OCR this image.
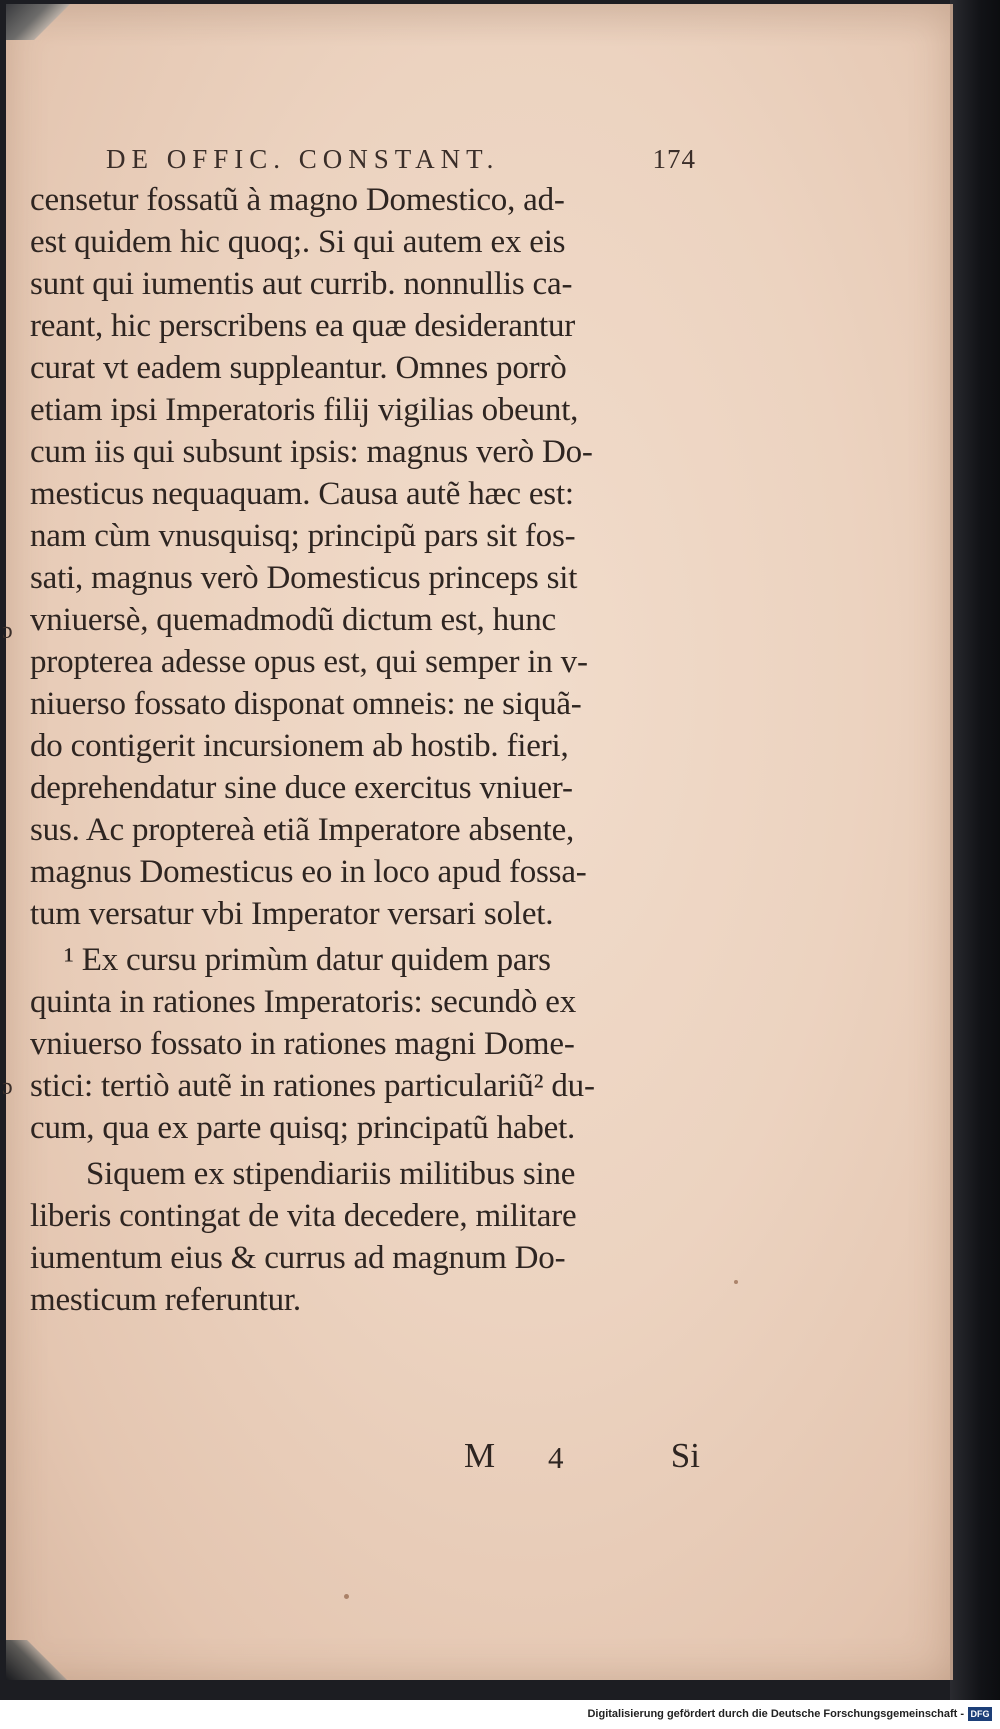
DE OFFIC. CONSTANT.	174
censetur fossatũ à magno Domestico, ad-
est quidem hic quoq;. Si qui autem ex eis
sunt qui iumentis aut currib. nonnullis ca-
reant, hic perscribens ea quæ desiderantur
curat vt eadem suppleantur. Omnes porrò
etiam ipsi Imperatoris filij vigilias obeunt,
cum iis qui subsunt ipsis: magnus verò Do-
mesticus nequaquam. Causa autẽ hæc est:
nam cùm vnusquisq; principũ pars sit fos-
sati, magnus verò Domesticus princeps sit
vniuersè, quemadmodũ dictum est, hunc
propterea adesse opus est, qui semper in v-
niuerso fossato disponat omneis: ne siquã-
do contigerit incursionem ab hostib. fieri,
deprehendatur sine duce exercitus vniuer-
sus. Ac proptereà etiã Imperatore absente,
magnus Domesticus eo in loco apud fossa-
tum versatur vbi Imperator versari solet.
¹ Ex cursu primùm datur quidem pars
quinta in rationes Imperatoris: secundò ex
vniuerso fossato in rationes magni Dome-
stici: tertiò autẽ in rationes particulariũ² du-
cum, qua ex parte quisq; principatũ habet.
Siquem ex stipendiariis militibus sine
liberis contingat de vita decedere, militare
iumentum eius & currus ad magnum Do-
mesticum referuntur.
M 4	Si
ɔ
ɔ
Digitalisierung gefördert durch die Deutsche Forschungsgemeinschaft - DFG
